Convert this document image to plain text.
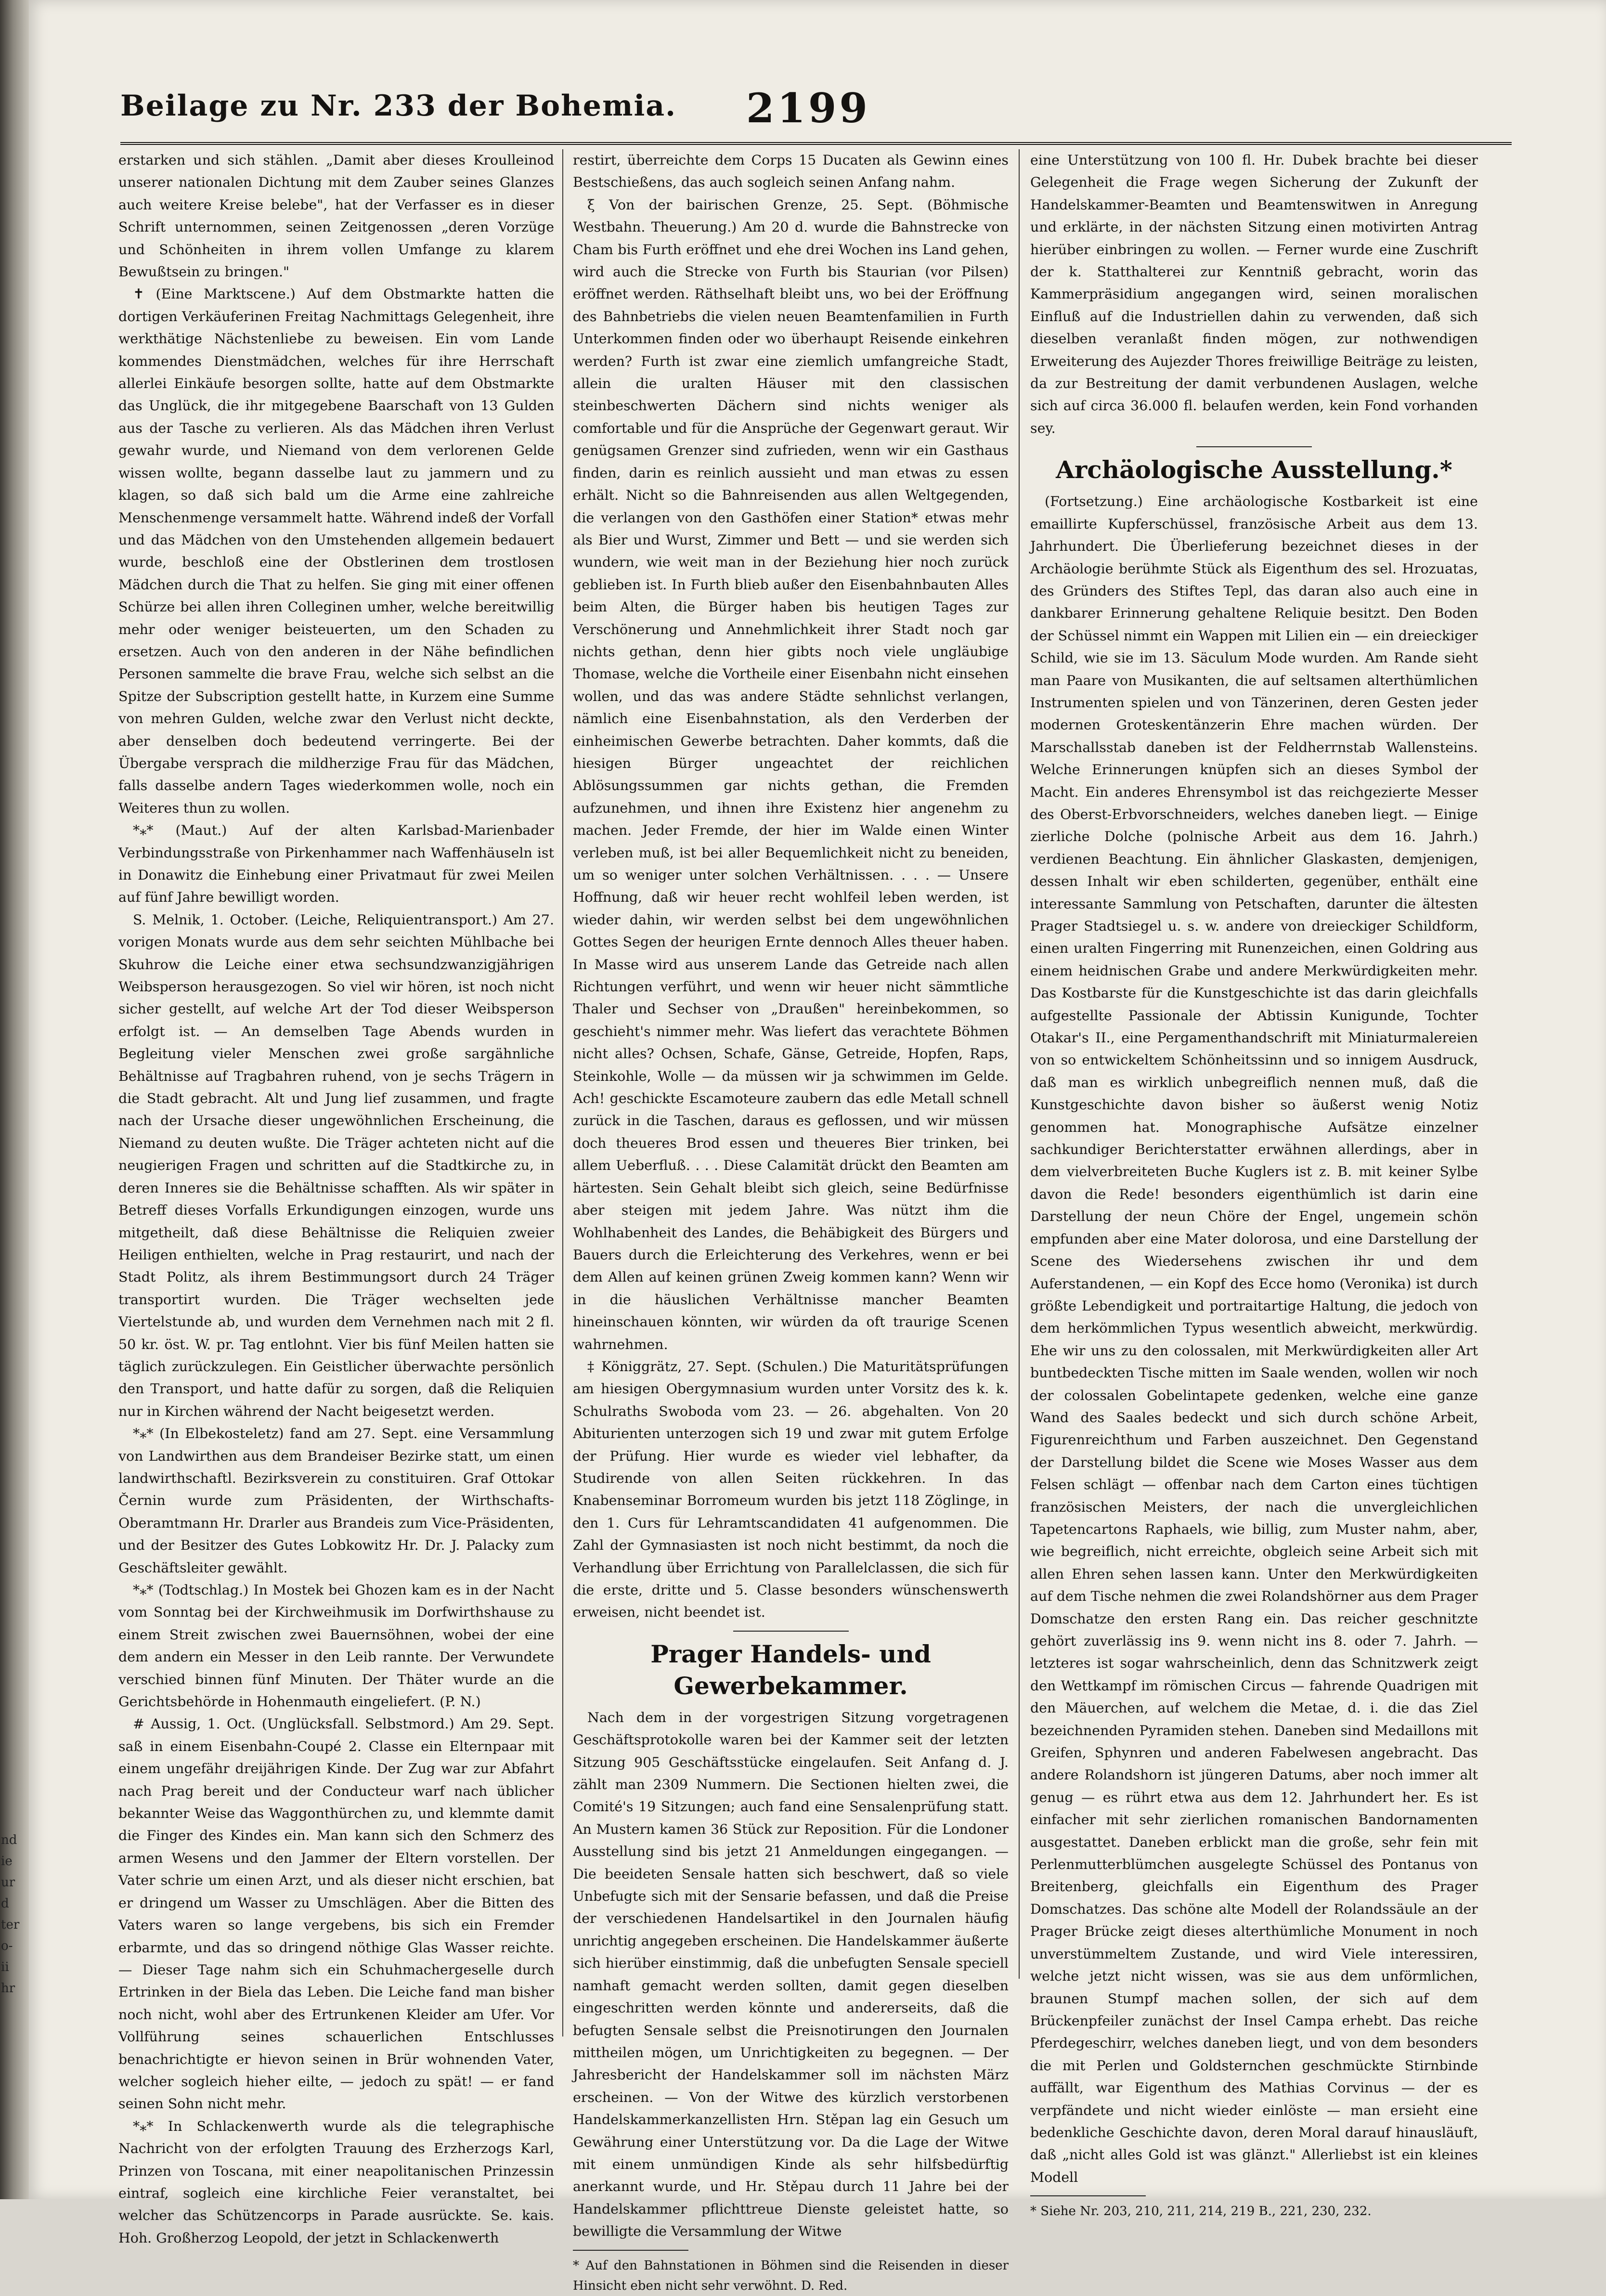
nd
ie
ur
d
ter
o-
ii
hr
Beilage zu Nr. 233 der Bohemia. 2199

erstarken und sich stählen. „Damit aber dieses Kroulleinod unserer nationalen Dichtung mit dem Zauber seines Glanzes auch weitere Kreise belebe", hat der Verfasser es in dieser Schrift unternommen, seinen Zeitgenossen „deren Vorzüge und Schönheiten in ihrem vollen Umfange zu klarem Bewußtsein zu bringen."

✝ (Eine Marktscene.) Auf dem Obstmarkte hatten die dortigen Verkäuferinen Freitag Nachmittags Gelegenheit, ihre werkthätige Nächstenliebe zu beweisen. Ein vom Lande kommendes Dienstmädchen, welches für ihre Herrschaft allerlei Einkäufe besorgen sollte, hatte auf dem Obstmarkte das Unglück, die ihr mitgegebene Baarschaft von 13 Gulden aus der Tasche zu verlieren. Als das Mädchen ihren Verlust gewahr wurde, und Niemand von dem verlorenen Gelde wissen wollte, begann dasselbe laut zu jammern und zu klagen, so daß sich bald um die Arme eine zahlreiche Menschenmenge versammelt hatte. Während indeß der Vorfall und das Mädchen von den Umstehenden allgemein bedauert wurde, beschloß eine der Obstlerinen dem trostlosen Mädchen durch die That zu helfen. Sie ging mit einer offenen Schürze bei allen ihren Colleginen umher, welche bereitwillig mehr oder weniger beisteuerten, um den Schaden zu ersetzen. Auch von den anderen in der Nähe befindlichen Personen sammelte die brave Frau, welche sich selbst an die Spitze der Subscription gestellt hatte, in Kurzem eine Summe von mehren Gulden, welche zwar den Verlust nicht deckte, aber denselben doch bedeutend verringerte. Bei der Übergabe versprach die mildherzige Frau für das Mädchen, falls dasselbe andern Tages wiederkommen wolle, noch ein Weiteres thun zu wollen.

*⁎* (Maut.) Auf der alten Karlsbad-Marienbader Verbindungsstraße von Pirkenhammer nach Waffenhäuseln ist in Donawitz die Einhebung einer Privatmaut für zwei Meilen auf fünf Jahre bewilligt worden.

S. Melnik, 1. October. (Leiche, Reliquientransport.) Am 27. vorigen Monats wurde aus dem sehr seichten Mühlbache bei Skuhrow die Leiche einer etwa sechsundzwanzigjährigen Weibsperson herausgezogen. So viel wir hören, ist noch nicht sicher gestellt, auf welche Art der Tod dieser Weibsperson erfolgt ist. — An demselben Tage Abends wurden in Begleitung vieler Menschen zwei große sargähnliche Behältnisse auf Tragbahren ruhend, von je sechs Trägern in die Stadt gebracht. Alt und Jung lief zusammen, und fragte nach der Ursache dieser ungewöhnlichen Erscheinung, die Niemand zu deuten wußte. Die Träger achteten nicht auf die neugierigen Fragen und schritten auf die Stadtkirche zu, in deren Inneres sie die Behältnisse schafften. Als wir später in Betreff dieses Vorfalls Erkundigungen einzogen, wurde uns mitgetheilt, daß diese Behältnisse die Reliquien zweier Heiligen enthielten, welche in Prag restaurirt, und nach der Stadt Politz, als ihrem Bestimmungsort durch 24 Träger transportirt wurden. Die Träger wechselten jede Viertelstunde ab, und wurden dem Vernehmen nach mit 2 fl. 50 kr. öst. W. pr. Tag entlohnt. Vier bis fünf Meilen hatten sie täglich zurückzulegen. Ein Geistlicher überwachte persönlich den Transport, und hatte dafür zu sorgen, daß die Reliquien nur in Kirchen während der Nacht beigesetzt werden.

*⁎* (In Elbekosteletz) fand am 27. Sept. eine Versammlung von Landwirthen aus dem Brandeiser Bezirke statt, um einen landwirthschaftl. Bezirksverein zu constituiren. Graf Ottokar Černin wurde zum Präsidenten, der Wirthschafts-Oberamtmann Hr. Drarler aus Brandeis zum Vice-Präsidenten, und der Besitzer des Gutes Lobkowitz Hr. Dr. J. Palacky zum Geschäftsleiter gewählt.

*⁎* (Todtschlag.) In Mostek bei Ghozen kam es in der Nacht vom Sonntag bei der Kirchweihmusik im Dorfwirthshause zu einem Streit zwischen zwei Bauernsöhnen, wobei der eine dem andern ein Messer in den Leib rannte. Der Verwundete verschied binnen fünf Minuten. Der Thäter wurde an die Gerichtsbehörde in Hohenmauth eingeliefert. (P. N.)

# Aussig, 1. Oct. (Unglücksfall. Selbstmord.) Am 29. Sept. saß in einem Eisenbahn-Coupé 2. Classe ein Elternpaar mit einem ungefähr dreijährigen Kinde. Der Zug war zur Abfahrt nach Prag bereit und der Conducteur warf nach üblicher bekannter Weise das Waggonthürchen zu, und klemmte damit die Finger des Kindes ein. Man kann sich den Schmerz des armen Wesens und den Jammer der Eltern vorstellen. Der Vater schrie um einen Arzt, und als dieser nicht erschien, bat er dringend um Wasser zu Umschlägen. Aber die Bitten des Vaters waren so lange vergebens, bis sich ein Fremder erbarmte, und das so dringend nöthige Glas Wasser reichte. — Dieser Tage nahm sich ein Schuhmachergeselle durch Ertrinken in der Biela das Leben. Die Leiche fand man bisher noch nicht, wohl aber des Ertrunkenen Kleider am Ufer. Vor Vollführung seines schauerlichen Entschlusses benachrichtigte er hievon seinen in Brür wohnenden Vater, welcher sogleich hieher eilte, — jedoch zu spät! — er fand seinen Sohn nicht mehr.

*⁎* In Schlackenwerth wurde als die telegraphische Nachricht von der erfolgten Trauung des Erzherzogs Karl, Prinzen von Toscana, mit einer neapolitanischen Prinzessin eintraf, sogleich eine kirchliche Feier veranstaltet, bei welcher das Schützencorps in Parade ausrückte. Se. kais. Hoh. Großherzog Leopold, der jetzt in Schlackenwerth

restirt, überreichte dem Corps 15 Ducaten als Gewinn eines Bestschießens, das auch sogleich seinen Anfang nahm.

ξ Von der bairischen Grenze, 25. Sept. (Böhmische Westbahn. Theuerung.) Am 20 d. wurde die Bahnstrecke von Cham bis Furth eröffnet und ehe drei Wochen ins Land gehen, wird auch die Strecke von Furth bis Staurian (vor Pilsen) eröffnet werden. Räthselhaft bleibt uns, wo bei der Eröffnung des Bahnbetriebs die vielen neuen Beamtenfamilien in Furth Unterkommen finden oder wo überhaupt Reisende einkehren werden? Furth ist zwar eine ziemlich umfangreiche Stadt, allein die uralten Häuser mit den classischen steinbeschwerten Dächern sind nichts weniger als comfortable und für die Ansprüche der Gegenwart geraut. Wir genügsamen Grenzer sind zufrieden, wenn wir ein Gasthaus finden, darin es reinlich aussieht und man etwas zu essen erhält. Nicht so die Bahnreisenden aus allen Weltgegenden, die verlangen von den Gasthöfen einer Station* etwas mehr als Bier und Wurst, Zimmer und Bett — und sie werden sich wundern, wie weit man in der Beziehung hier noch zurück geblieben ist. In Furth blieb außer den Eisenbahnbauten Alles beim Alten, die Bürger haben bis heutigen Tages zur Verschönerung und Annehmlichkeit ihrer Stadt noch gar nichts gethan, denn hier gibts noch viele ungläubige Thomase, welche die Vortheile einer Eisenbahn nicht einsehen wollen, und das was andere Städte sehnlichst verlangen, nämlich eine Eisenbahnstation, als den Verderben der einheimischen Gewerbe betrachten. Daher kommts, daß die hiesigen Bürger ungeachtet der reichlichen Ablösungssummen gar nichts gethan, die Fremden aufzunehmen, und ihnen ihre Existenz hier angenehm zu machen. Jeder Fremde, der hier im Walde einen Winter verleben muß, ist bei aller Bequemlichkeit nicht zu beneiden, um so weniger unter solchen Verhältnissen. . . . — Unsere Hoffnung, daß wir heuer recht wohlfeil leben werden, ist wieder dahin, wir werden selbst bei dem ungewöhnlichen Gottes Segen der heurigen Ernte dennoch Alles theuer haben. In Masse wird aus unserem Lande das Getreide nach allen Richtungen verführt, und wenn wir heuer nicht sämmtliche Thaler und Sechser von „Draußen" hereinbekommen, so geschieht's nimmer mehr. Was liefert das verachtete Böhmen nicht alles? Ochsen, Schafe, Gänse, Getreide, Hopfen, Raps, Steinkohle, Wolle — da müssen wir ja schwimmen im Gelde. Ach! geschickte Escamoteure zaubern das edle Metall schnell zurück in die Taschen, daraus es geflossen, und wir müssen doch theueres Brod essen und theueres Bier trinken, bei allem Ueberfluß. . . . Diese Calamität drückt den Beamten am härtesten. Sein Gehalt bleibt sich gleich, seine Bedürfnisse aber steigen mit jedem Jahre. Was nützt ihm die Wohlhabenheit des Landes, die Behäbigkeit des Bürgers und Bauers durch die Erleichterung des Verkehres, wenn er bei dem Allen auf keinen grünen Zweig kommen kann? Wenn wir in die häuslichen Verhältnisse mancher Beamten hineinschauen könnten, wir würden da oft traurige Scenen wahrnehmen.

‡ Königgrätz, 27. Sept. (Schulen.) Die Maturitätsprüfungen am hiesigen Obergymnasium wurden unter Vorsitz des k. k. Schulraths Swoboda vom 23. — 26. abgehalten. Von 20 Abiturienten unterzogen sich 19 und zwar mit gutem Erfolge der Prüfung. Hier wurde es wieder viel lebhafter, da Studirende von allen Seiten rückkehren. In das Knabenseminar Borromeum wurden bis jetzt 118 Zöglinge, in den 1. Curs für Lehramtscandidaten 41 aufgenommen. Die Zahl der Gymnasiasten ist noch nicht bestimmt, da noch die Verhandlung über Errichtung von Parallelclassen, die sich für die erste, dritte und 5. Classe besonders wünschenswerth erweisen, nicht beendet ist.

Prager Handels- und Gewerbekammer.

Nach dem in der vorgestrigen Sitzung vorgetragenen Geschäftsprotokolle waren bei der Kammer seit der letzten Sitzung 905 Geschäftsstücke eingelaufen. Seit Anfang d. J. zählt man 2309 Nummern. Die Sectionen hielten zwei, die Comité's 19 Sitzungen; auch fand eine Sensalenprüfung statt. An Mustern kamen 36 Stück zur Reposition. Für die Londoner Ausstellung sind bis jetzt 21 Anmeldungen eingegangen. — Die beeideten Sensale hatten sich beschwert, daß so viele Unbefugte sich mit der Sensarie befassen, und daß die Preise der verschiedenen Handelsartikel in den Journalen häufig unrichtig angegeben erscheinen. Die Handelskammer äußerte sich hierüber einstimmig, daß die unbefugten Sensale speciell namhaft gemacht werden sollten, damit gegen dieselben eingeschritten werden könnte und andererseits, daß die befugten Sensale selbst die Preisnotirungen den Journalen mittheilen mögen, um Unrichtigkeiten zu begegnen. — Der Jahresbericht der Handelskammer soll im nächsten März erscheinen. — Von der Witwe des kürzlich verstorbenen Handelskammerkanzellisten Hrn. Stěpan lag ein Gesuch um Gewährung einer Unterstützung vor. Da die Lage der Witwe mit einem unmündigen Kinde als sehr hilfsbedürftig anerkannt wurde, und Hr. Stěpau durch 11 Jahre bei der Handelskammer pflichttreue Dienste geleistet hatte, so bewilligte die Versammlung der Witwe

* Auf den Bahnstationen in Böhmen sind die Reisenden in dieser Hinsicht eben nicht sehr verwöhnt. D. Red.

eine Unterstützung von 100 fl. Hr. Dubek brachte bei dieser Gelegenheit die Frage wegen Sicherung der Zukunft der Handelskammer-Beamten und Beamtenswitwen in Anregung und erklärte, in der nächsten Sitzung einen motivirten Antrag hierüber einbringen zu wollen. — Ferner wurde eine Zuschrift der k. Statthalterei zur Kenntniß gebracht, worin das Kammerpräsidium angegangen wird, seinen moralischen Einfluß auf die Industriellen dahin zu verwenden, daß sich dieselben veranlaßt finden mögen, zur nothwendigen Erweiterung des Aujezder Thores freiwillige Beiträge zu leisten, da zur Bestreitung der damit verbundenen Auslagen, welche sich auf circa 36.000 fl. belaufen werden, kein Fond vorhanden sey.

Archäologische Ausstellung.*

(Fortsetzung.) Eine archäologische Kostbarkeit ist eine emaillirte Kupferschüssel, französische Arbeit aus dem 13. Jahrhundert. Die Überlieferung bezeichnet dieses in der Archäologie berühmte Stück als Eigenthum des sel. Hrozuatas, des Gründers des Stiftes Tepl, das daran also auch eine in dankbarer Erinnerung gehaltene Reliquie besitzt. Den Boden der Schüssel nimmt ein Wappen mit Lilien ein — ein dreieckiger Schild, wie sie im 13. Säculum Mode wurden. Am Rande sieht man Paare von Musikanten, die auf seltsamen alterthümlichen Instrumenten spielen und von Tänzerinen, deren Gesten jeder modernen Groteskentänzerin Ehre machen würden. Der Marschallsstab daneben ist der Feldherrnstab Wallensteins. Welche Erinnerungen knüpfen sich an dieses Symbol der Macht. Ein anderes Ehrensymbol ist das reichgezierte Messer des Oberst-Erbvorschneiders, welches daneben liegt. — Einige zierliche Dolche (polnische Arbeit aus dem 16. Jahrh.) verdienen Beachtung. Ein ähnlicher Glaskasten, demjenigen, dessen Inhalt wir eben schilderten, gegenüber, enthält eine interessante Sammlung von Petschaften, darunter die ältesten Prager Stadtsiegel u. s. w. andere von dreieckiger Schildform, einen uralten Fingerring mit Runenzeichen, einen Goldring aus einem heidnischen Grabe und andere Merkwürdigkeiten mehr. Das Kostbarste für die Kunstgeschichte ist das darin gleichfalls aufgestellte Passionale der Abtissin Kunigunde, Tochter Otakar's II., eine Pergamenthandschrift mit Miniaturmalereien von so entwickeltem Schönheitssinn und so innigem Ausdruck, daß man es wirklich unbegreiflich nennen muß, daß die Kunstgeschichte davon bisher so äußerst wenig Notiz genommen hat. Monographische Aufsätze einzelner sachkundiger Berichterstatter erwähnen allerdings, aber in dem vielverbreiteten Buche Kuglers ist z. B. mit keiner Sylbe davon die Rede! besonders eigenthümlich ist darin eine Darstellung der neun Chöre der Engel, ungemein schön empfunden aber eine Mater dolorosa, und eine Darstellung der Scene des Wiedersehens zwischen ihr und dem Auferstandenen, — ein Kopf des Ecce homo (Veronika) ist durch größte Lebendigkeit und portraitartige Haltung, die jedoch von dem herkömmlichen Typus wesentlich abweicht, merkwürdig. Ehe wir uns zu den colossalen, mit Merkwürdigkeiten aller Art buntbedeckten Tische mitten im Saale wenden, wollen wir noch der colossalen Gobelintapete gedenken, welche eine ganze Wand des Saales bedeckt und sich durch schöne Arbeit, Figurenreichthum und Farben auszeichnet. Den Gegenstand der Darstellung bildet die Scene wie Moses Wasser aus dem Felsen schlägt — offenbar nach dem Carton eines tüchtigen französischen Meisters, der nach die unvergleichlichen Tapetencartons Raphaels, wie billig, zum Muster nahm, aber, wie begreiflich, nicht erreichte, obgleich seine Arbeit sich mit allen Ehren sehen lassen kann. Unter den Merkwürdigkeiten auf dem Tische nehmen die zwei Rolandshörner aus dem Prager Domschatze den ersten Rang ein. Das reicher geschnitzte gehört zuverlässig ins 9. wenn nicht ins 8. oder 7. Jahrh. — letzteres ist sogar wahrscheinlich, denn das Schnitzwerk zeigt den Wettkampf im römischen Circus — fahrende Quadrigen mit den Mäuerchen, auf welchem die Metae, d. i. die das Ziel bezeichnenden Pyramiden stehen. Daneben sind Medaillons mit Greifen, Sphynren und anderen Fabelwesen angebracht. Das andere Rolandshorn ist jüngeren Datums, aber noch immer alt genug — es rührt etwa aus dem 12. Jahrhundert her. Es ist einfacher mit sehr zierlichen romanischen Bandornamenten ausgestattet. Daneben erblickt man die große, sehr fein mit Perlenmutterblümchen ausgelegte Schüssel des Pontanus von Breitenberg, gleichfalls ein Eigenthum des Prager Domschatzes. Das schöne alte Modell der Rolandssäule an der Prager Brücke zeigt dieses alterthümliche Monument in noch unverstümmeltem Zustande, und wird Viele interessiren, welche jetzt nicht wissen, was sie aus dem unförmlichen, braunen Stumpf machen sollen, der sich auf dem Brückenpfeiler zunächst der Insel Campa erhebt. Das reiche Pferdegeschirr, welches daneben liegt, und von dem besonders die mit Perlen und Goldsternchen geschmückte Stirnbinde auffällt, war Eigenthum des Mathias Corvinus — der es verpfändete und nicht wieder einlöste — man ersieht eine bedenkliche Geschichte davon, deren Moral darauf hinausläuft, daß „nicht alles Gold ist was glänzt." Allerliebst ist ein kleines Modell

* Siehe Nr. 203, 210, 211, 214, 219 B., 221, 230, 232.
